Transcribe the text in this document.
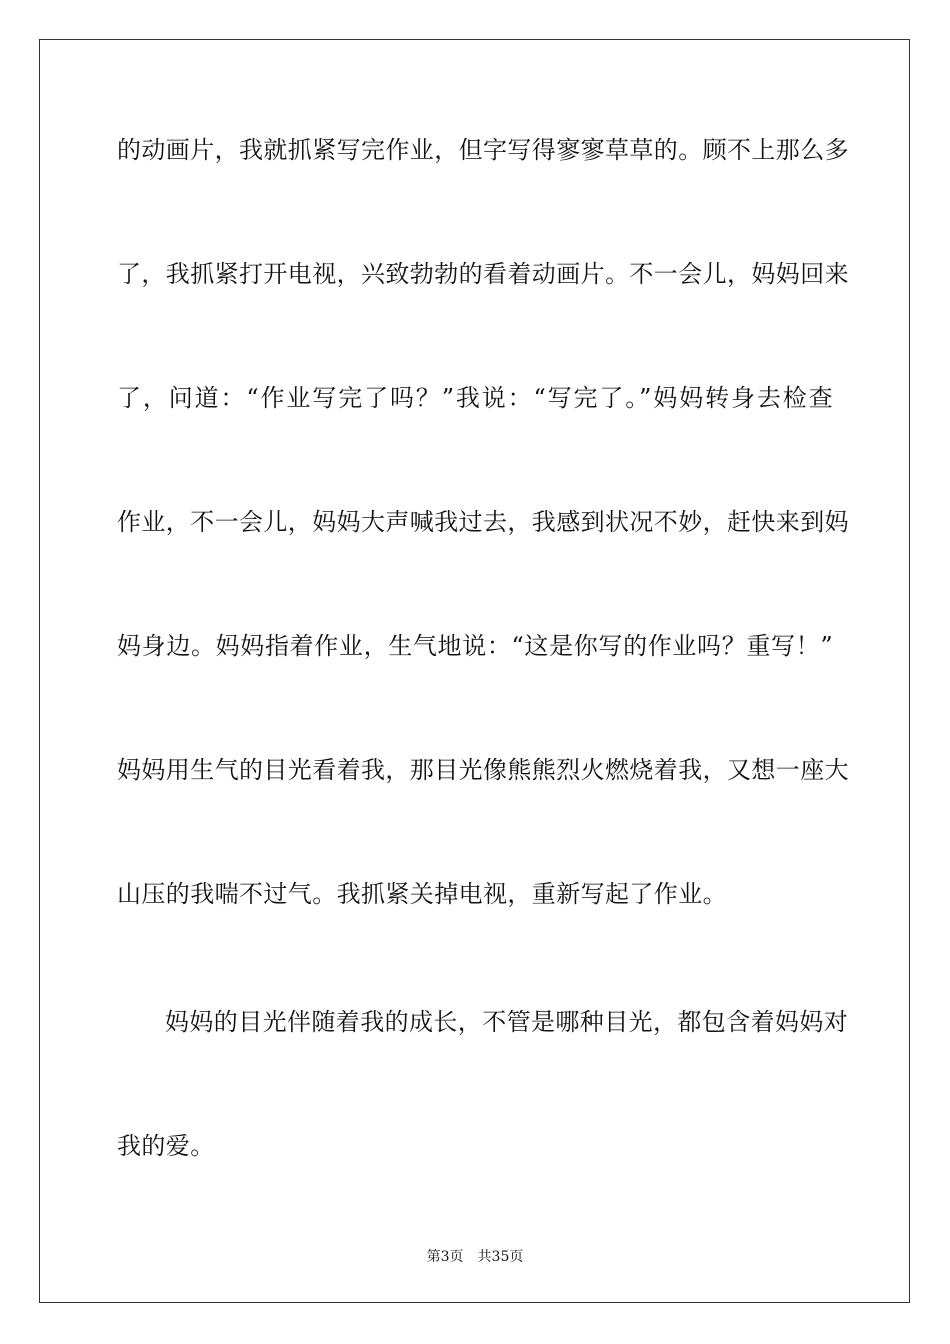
的动画片，我就抓紧写完作业，但字写得寥寥草草的。顾不上那么多
了，我抓紧打开电视，兴致勃勃的看着动画片。不一会儿，妈妈回来
了，问道：“作业写完了吗？”我说：“写完了。”妈妈转身去检查
作业，不一会儿，妈妈大声喊我过去，我感到状况不妙，赶快来到妈
妈身边。妈妈指着作业，生气地说：“这是你写的作业吗？重写！”
妈妈用生气的目光看着我，那目光像熊熊烈火燃烧着我，又想一座大
山压的我喘不过气。我抓紧关掉电视，重新写起了作业。
妈妈的目光伴随着我的成长，不管是哪种目光，都包含着妈妈对
我的爱。
第3页 共35页
